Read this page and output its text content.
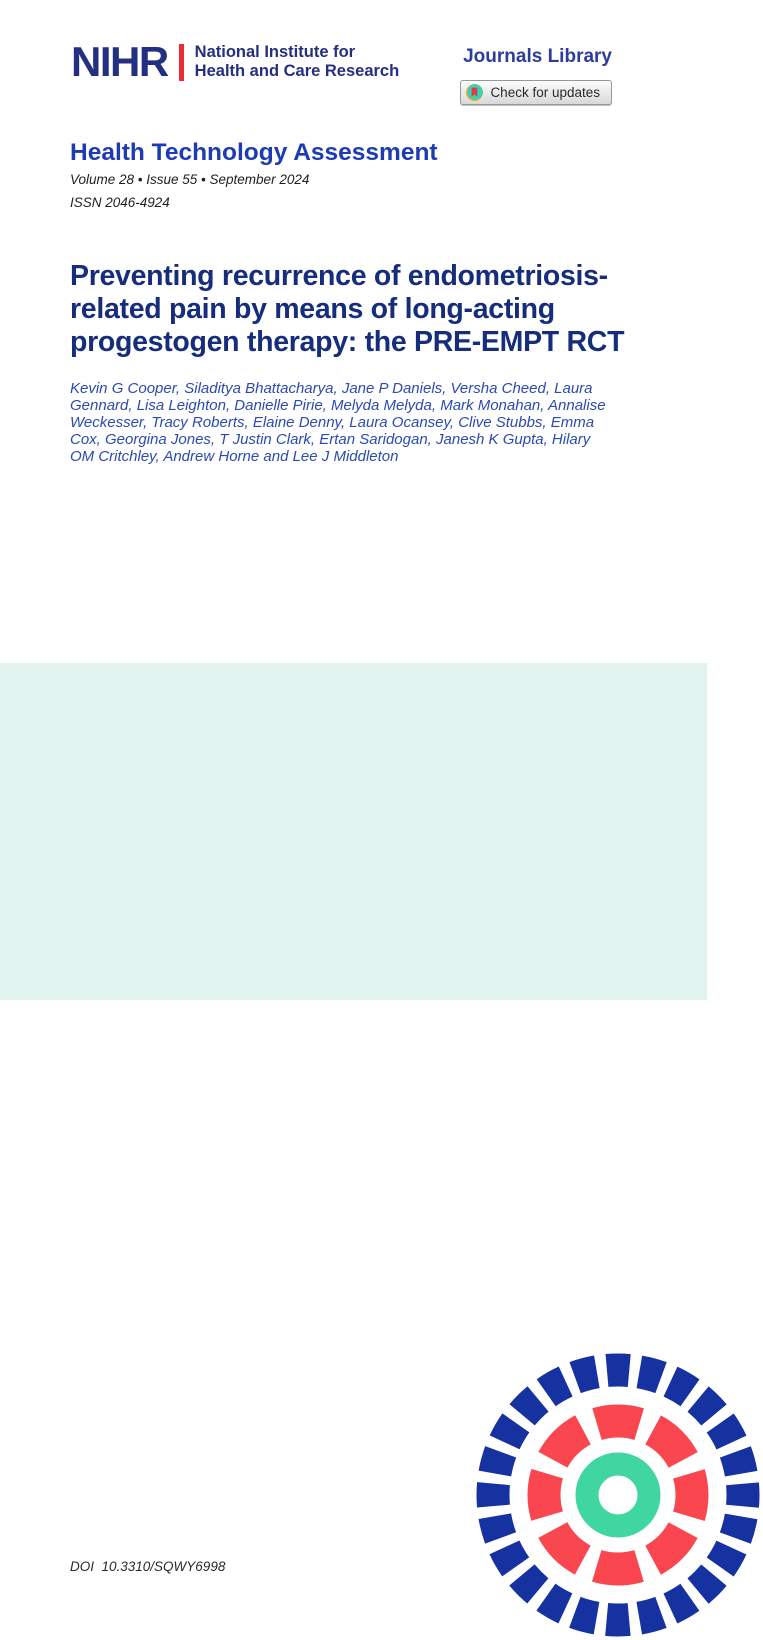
NIHR National Institute for
Health and Care Research
Journals Library
Check for updates
Health Technology Assessment
Volume 28 • Issue 55 • September 2024
ISSN 2046-4924
Preventing recurrence of endometriosis-related pain by means of long-acting progestogen therapy: the PRE-EMPT RCT

Kevin G Cooper, Siladitya Bhattacharya, Jane P Daniels, Versha Cheed, Laura Gennard, Lisa Leighton, Danielle Pirie, Melyda Melyda, Mark Monahan, Annalise Weckesser, Tracy Roberts, Elaine Denny, Laura Ocansey, Clive Stubbs, Emma Cox, Georgina Jones, T Justin Clark, Ertan Saridogan, Janesh K Gupta, Hilary OM Critchley, Andrew Horne and Lee J Middleton

DOI  10.3310/SQWY6998
